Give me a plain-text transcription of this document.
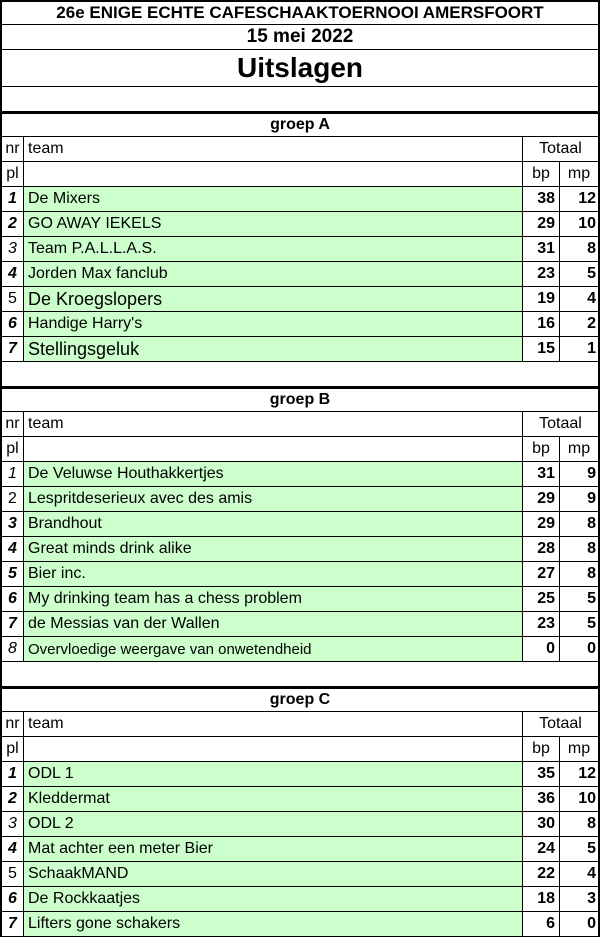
26e ENIGE ECHTE CAFESCHAAKTOERNOOI AMERSFOORT
15 mei 2022
Uitslagen
groep A
nr team	Totaal
pl	bp	mp
1 De Mixers	38	12
2 GO AWAY IEKELS	29	10
3 Team P.A.L.L.A.S.	31	8
4 Jorden Max fanclub	23	5
5 De Kroegslopers	19	4
6 Handige Harry's	16	2
7 Stellingsgeluk	15	1
groep B
nr team	Totaal
pl	bp	mp
1 De Veluwse Houthakkertjes	31	9
2 Lespritdeserieux avec des amis	29	9
3 Brandhout	29	8
4 Great minds drink alike	28	8
5 Bier inc.	27	8
6 My drinking team has a chess problem	25	5
7 de Messias van der Wallen	23	5
8 Overvloedige weergave van onwetendheid	0	0
groep C
nr team	Totaal
pl	bp	mp
1 ODL 1	35	12
2 Kleddermat	36	10
3 ODL 2	30	8
4 Mat achter een meter Bier	24	5
5 SchaakMAND	22	4
6 De Rockkaatjes	18	3
7 Lifters gone schakers	6	0
